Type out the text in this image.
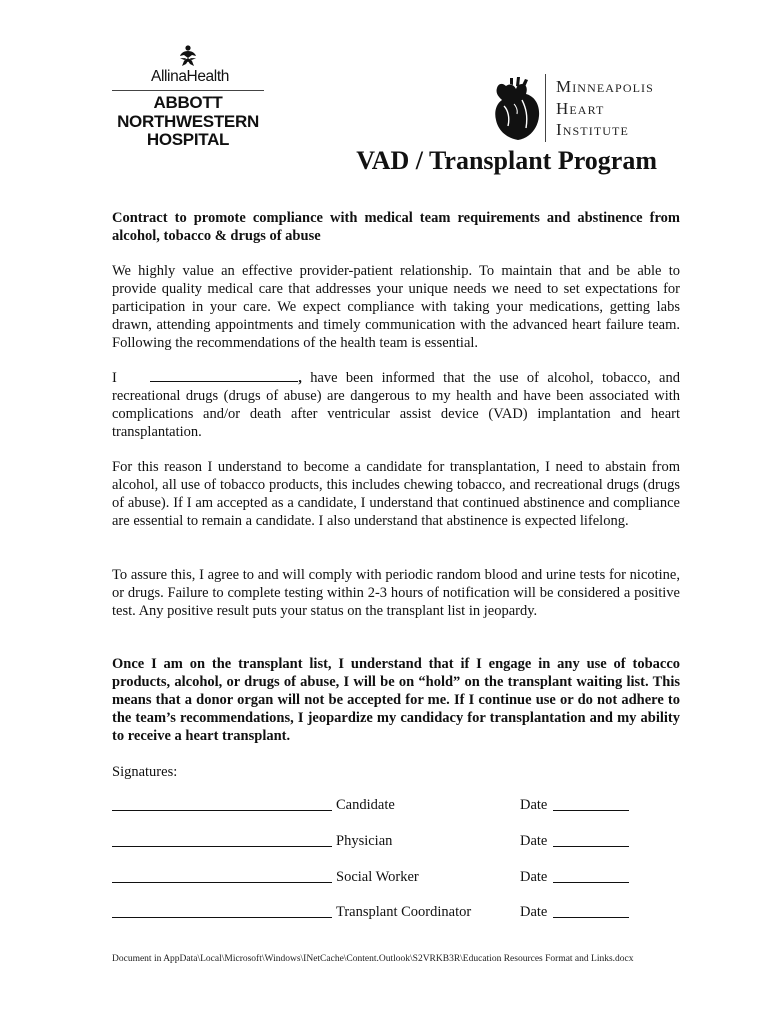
AllinaHealth
ABBOTT
NORTHWESTERN
HOSPITAL
Minneapolis
Heart
Institute
VAD / Transplant Program

Contract to promote compliance with medical team requirements and abstinence from alcohol, tobacco & drugs of abuse

We highly value an effective provider-patient relationship. To maintain that and be able to provide quality medical care that addresses your unique needs we need to set expectations for participation in your care. We expect compliance with taking your medications, getting labs drawn, attending appointments and timely communication with the advanced heart failure team. Following the recommendations of the health team is essential.

I	, have been informed that the use of alcohol, tobacco, and recreational drugs (drugs of abuse) are dangerous to my health and have been associated with complications and/or death after ventricular assist device (VAD) implantation and heart transplantation.

For this reason I understand to become a candidate for transplantation, I need to abstain from alcohol, all use of tobacco products, this includes chewing tobacco, and recreational drugs (drugs of abuse). If I am accepted as a candidate, I understand that continued abstinence and compliance are essential to remain a candidate. I also understand that abstinence is expected lifelong.

To assure this, I agree to and will comply with periodic random blood and urine tests for nicotine, or drugs. Failure to complete testing within 2-3 hours of notification will be considered a positive test. Any positive result puts your status on the transplant list in jeopardy.

Once I am on the transplant list, I understand that if I engage in any use of tobacco products, alcohol, or drugs of abuse, I will be on “hold” on the transplant waiting list. This means that a donor organ will not be accepted for me. If I continue use or do not adhere to the team’s recommendations, I jeopardize my candidacy for transplantation and my ability to receive a heart transplant.

Signatures:
Candidate	Date
Physician	Date
Social Worker	Date
Transplant Coordinator	Date
Document in AppData\Local\Microsoft\Windows\INetCache\Content.Outlook\S2VRKB3R\Education Resources Format and Links.docx
